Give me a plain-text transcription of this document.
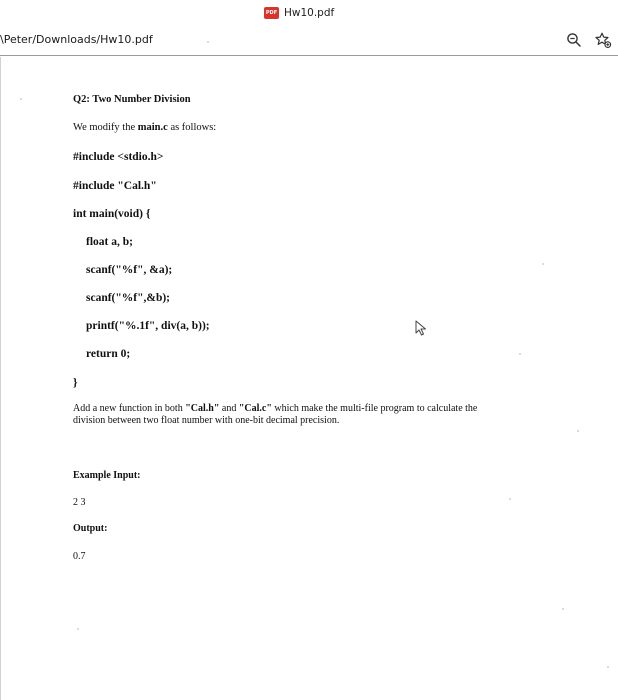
PDF Hw10.pdf
\Peter/Downloads/Hw10.pdf
Q2: Two Number Division
We modify the main.c as follows:
#include <stdio.h>
#include "Cal.h"
int main(void) {
float a, b;
scanf("%f", &a);
scanf("%f",&b);
printf("%.1f", div(a, b));
return 0;
}
Add a new function in both "Cal.h" and "Cal.c" which make the multi-file program to calculate the
division between two float number with one-bit decimal precision.
Example Input:
2 3
Output:
0.7
